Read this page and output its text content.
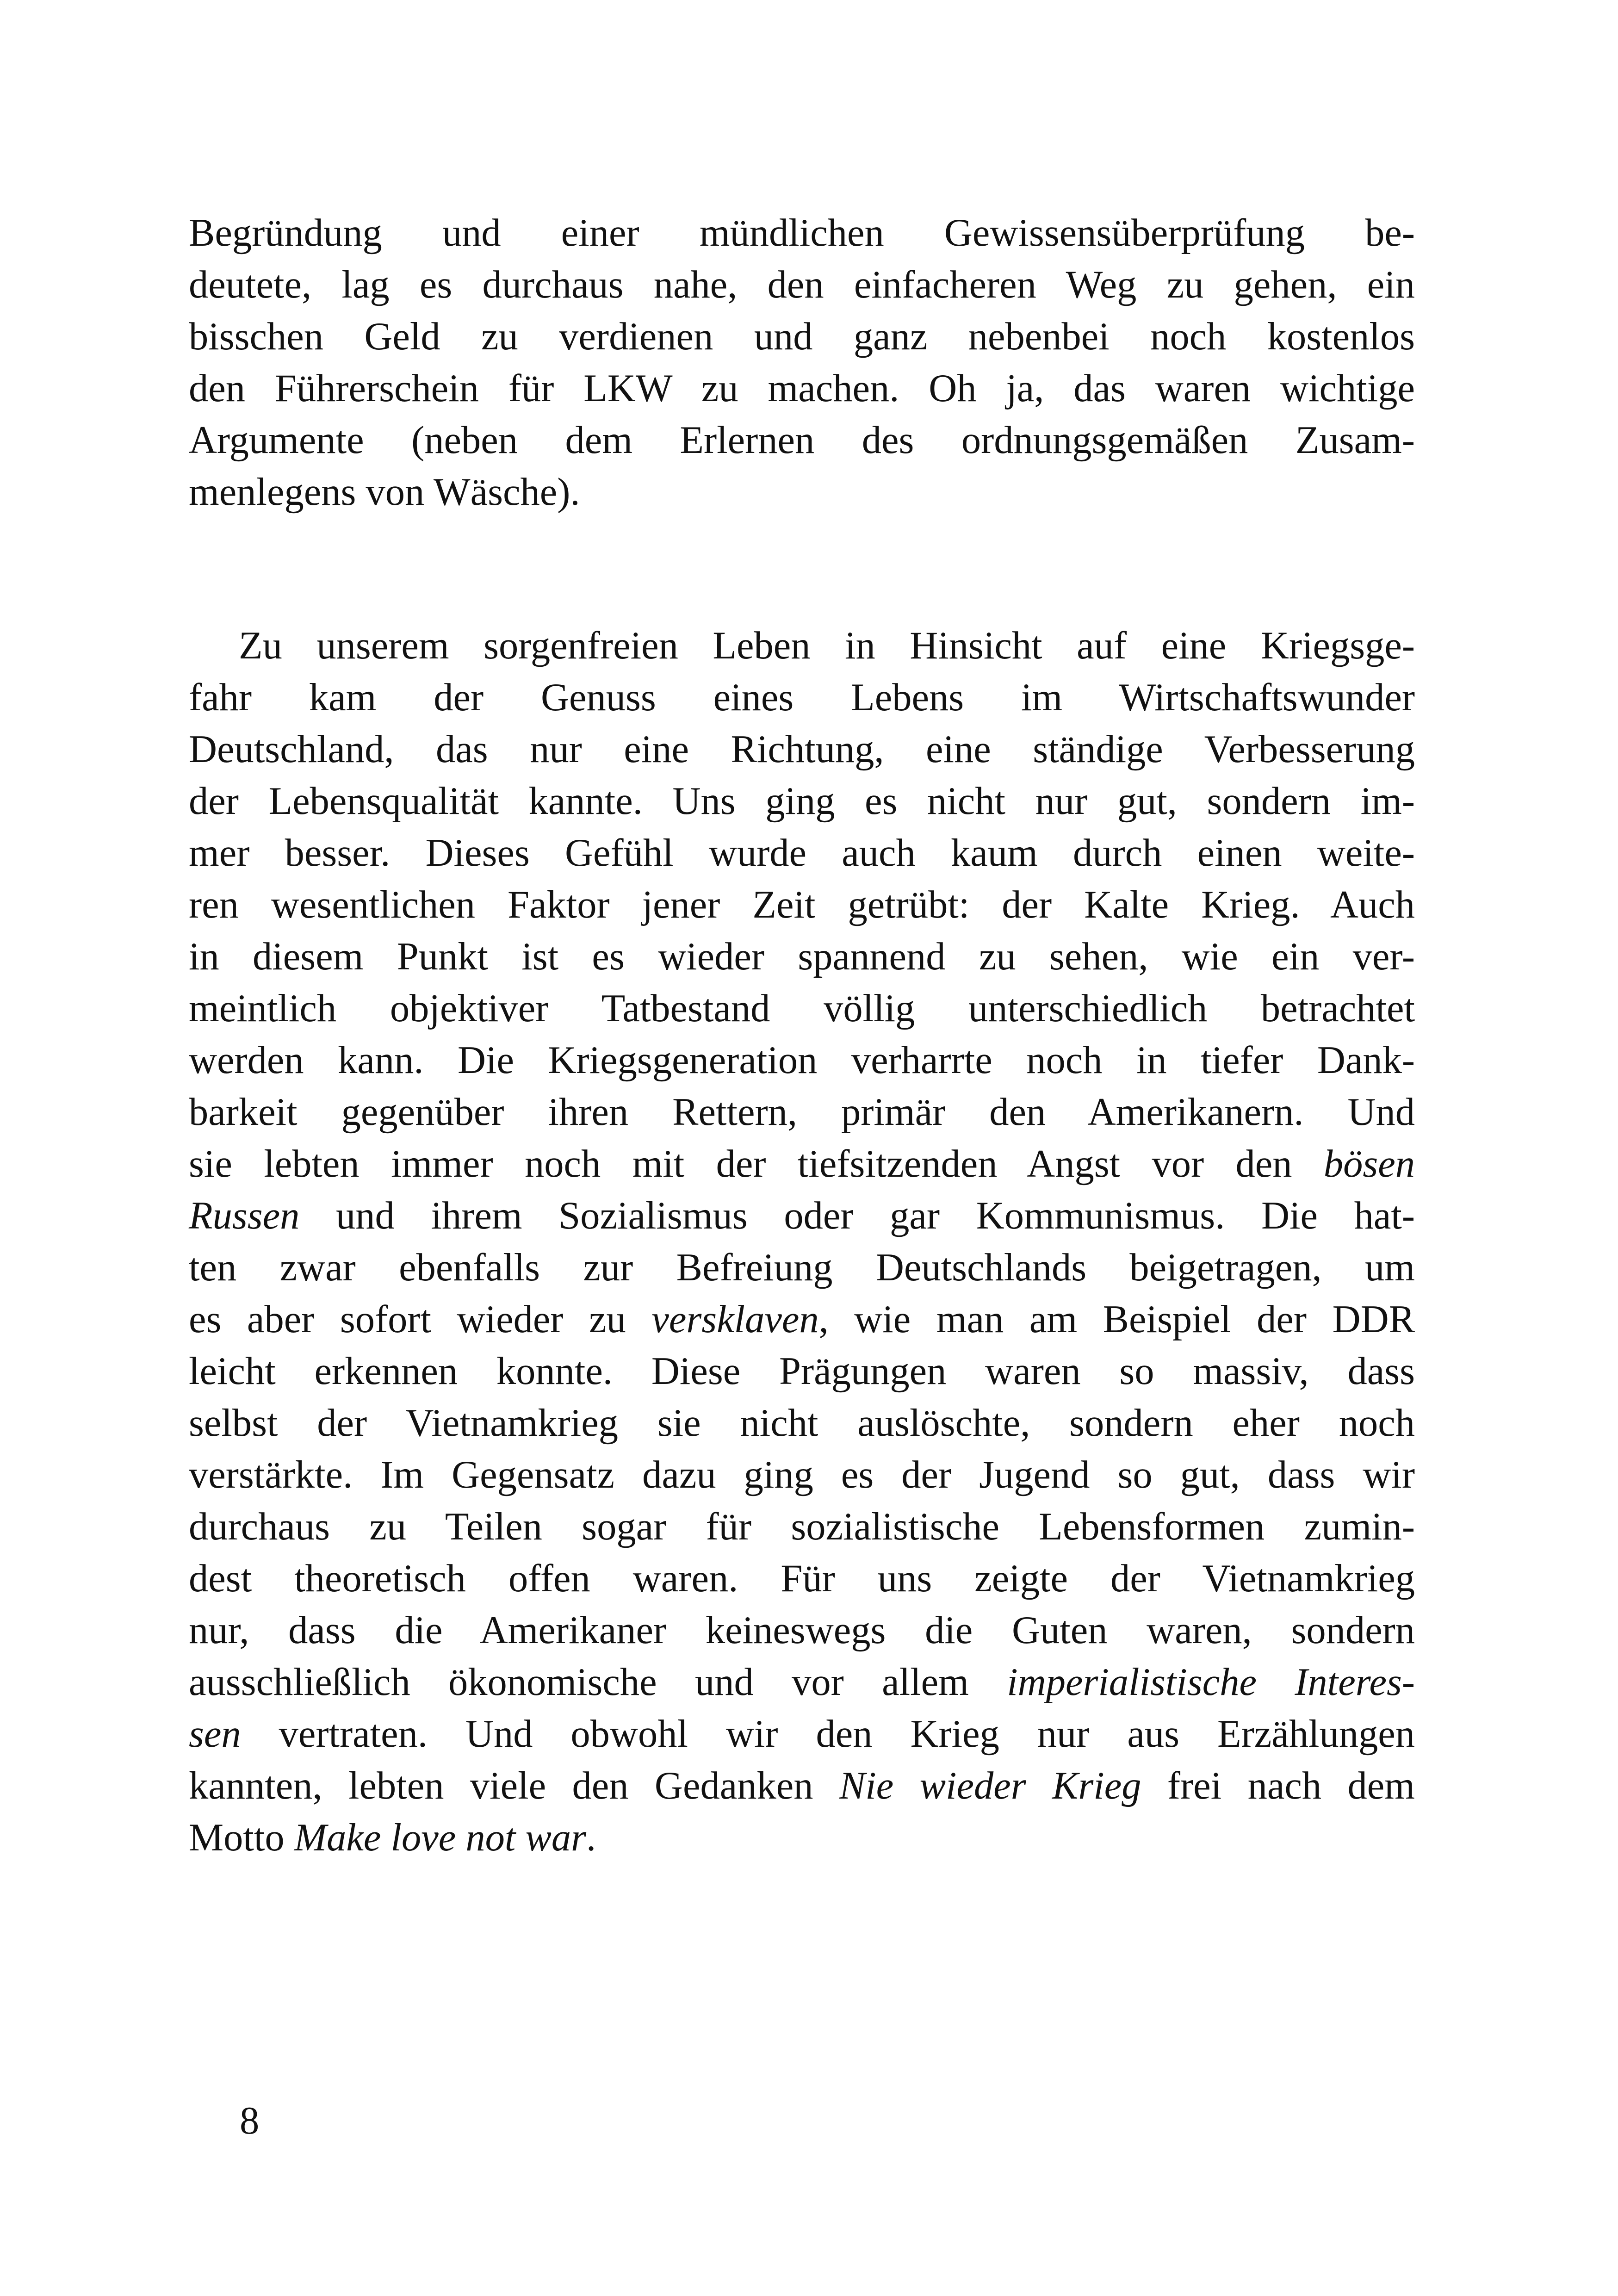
Begründung und einer mündlichen Gewissensüberprüfung be-
deutete, lag es durchaus nahe, den einfacheren Weg zu gehen, ein
bisschen Geld zu verdienen und ganz nebenbei noch kostenlos
den Führerschein für LKW zu machen. Oh ja, das waren wichtige
Argumente (neben dem Erlernen des ordnungsgemäßen Zusam-
menlegens von Wäsche).
Zu unserem sorgenfreien Leben in Hinsicht auf eine Kriegsge-
fahr kam der Genuss eines Lebens im Wirtschaftswunder
Deutschland, das nur eine Richtung, eine ständige Verbesserung
der Lebensqualität kannte. Uns ging es nicht nur gut, sondern im-
mer besser. Dieses Gefühl wurde auch kaum durch einen weite-
ren wesentlichen Faktor jener Zeit getrübt: der Kalte Krieg. Auch
in diesem Punkt ist es wieder spannend zu sehen, wie ein ver-
meintlich objektiver Tatbestand völlig unterschiedlich betrachtet
werden kann. Die Kriegsgeneration verharrte noch in tiefer Dank-
barkeit gegenüber ihren Rettern, primär den Amerikanern. Und
sie lebten immer noch mit der tiefsitzenden Angst vor den bösen
Russen und ihrem Sozialismus oder gar Kommunismus. Die hat-
ten zwar ebenfalls zur Befreiung Deutschlands beigetragen, um
es aber sofort wieder zu versklaven, wie man am Beispiel der DDR
leicht erkennen konnte. Diese Prägungen waren so massiv, dass
selbst der Vietnamkrieg sie nicht auslöschte, sondern eher noch
verstärkte. Im Gegensatz dazu ging es der Jugend so gut, dass wir
durchaus zu Teilen sogar für sozialistische Lebensformen zumin-
dest theoretisch offen waren. Für uns zeigte der Vietnamkrieg
nur, dass die Amerikaner keineswegs die Guten waren, sondern
ausschließlich ökonomische und vor allem imperialistische Interes-
sen vertraten. Und obwohl wir den Krieg nur aus Erzählungen
kannten, lebten viele den Gedanken Nie wieder Krieg frei nach dem
Motto Make love not war.
8
